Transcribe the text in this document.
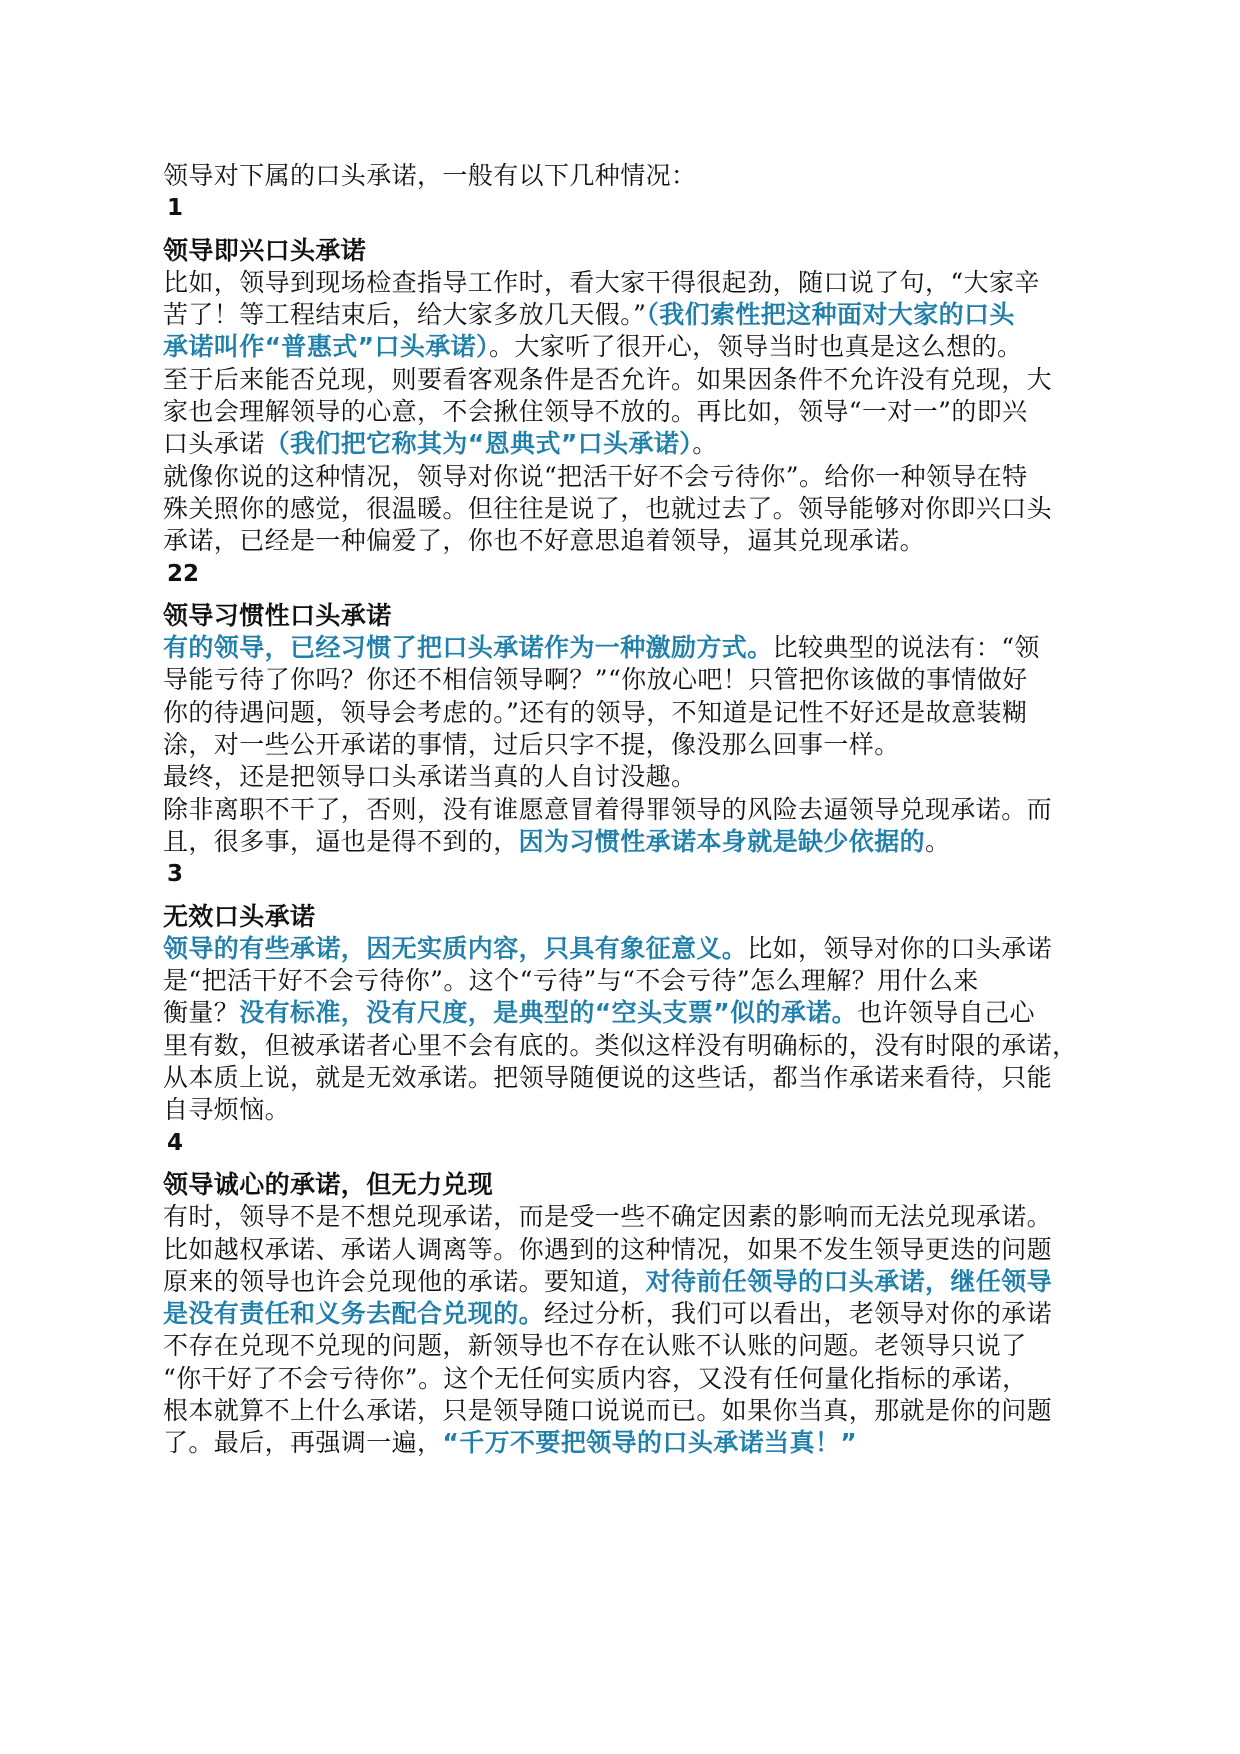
领导对下属的口头承诺，一般有以下几种情况：
1
领导即兴口头承诺
比如，领导到现场检查指导工作时，看大家干得很起劲，随口说了句，“大家辛
苦了！等工程结束后，给大家多放几天假。”（我们索性把这种面对大家的口头
承诺叫作“普惠式”口头承诺）。大家听了很开心，领导当时也真是这么想的。
至于后来能否兑现，则要看客观条件是否允许。如果因条件不允许没有兑现，大
家也会理解领导的心意，不会揪住领导不放的。再比如，领导“一对一”的即兴
口头承诺（我们把它称其为“恩典式”口头承诺）。
就像你说的这种情况，领导对你说“把活干好不会亏待你”。给你一种领导在特
殊关照你的感觉，很温暖。但往往是说了，也就过去了。领导能够对你即兴口头
承诺，已经是一种偏爱了，你也不好意思追着领导，逼其兑现承诺。
22
领导习惯性口头承诺
有的领导，已经习惯了把口头承诺作为一种激励方式。比较典型的说法有：“领
导能亏待了你吗？你还不相信领导啊？”“你放心吧！只管把你该做的事情做好
你的待遇问题，领导会考虑的。”还有的领导，不知道是记性不好还是故意装糊
涂，对一些公开承诺的事情，过后只字不提，像没那么回事一样。
最终，还是把领导口头承诺当真的人自讨没趣。
除非离职不干了，否则，没有谁愿意冒着得罪领导的风险去逼领导兑现承诺。而
且，很多事，逼也是得不到的，因为习惯性承诺本身就是缺少依据的。
3
无效口头承诺
领导的有些承诺，因无实质内容，只具有象征意义。比如，领导对你的口头承诺
是“把活干好不会亏待你”。这个“亏待”与“不会亏待”怎么理解？用什么来
衡量？没有标准，没有尺度，是典型的“空头支票”似的承诺。也许领导自己心
里有数，但被承诺者心里不会有底的。类似这样没有明确标的，没有时限的承诺，
从本质上说，就是无效承诺。把领导随便说的这些话，都当作承诺来看待，只能
自寻烦恼。
4
领导诚心的承诺，但无力兑现
有时，领导不是不想兑现承诺，而是受一些不确定因素的影响而无法兑现承诺。
比如越权承诺、承诺人调离等。你遇到的这种情况，如果不发生领导更迭的问题
原来的领导也许会兑现他的承诺。要知道，对待前任领导的口头承诺，继任领导
是没有责任和义务去配合兑现的。经过分析，我们可以看出，老领导对你的承诺
不存在兑现不兑现的问题，新领导也不存在认账不认账的问题。老领导只说了
“你干好了不会亏待你”。这个无任何实质内容，又没有任何量化指标的承诺，
根本就算不上什么承诺，只是领导随口说说而已。如果你当真，那就是你的问题
了。最后，再强调一遍，“千万不要把领导的口头承诺当真！”
